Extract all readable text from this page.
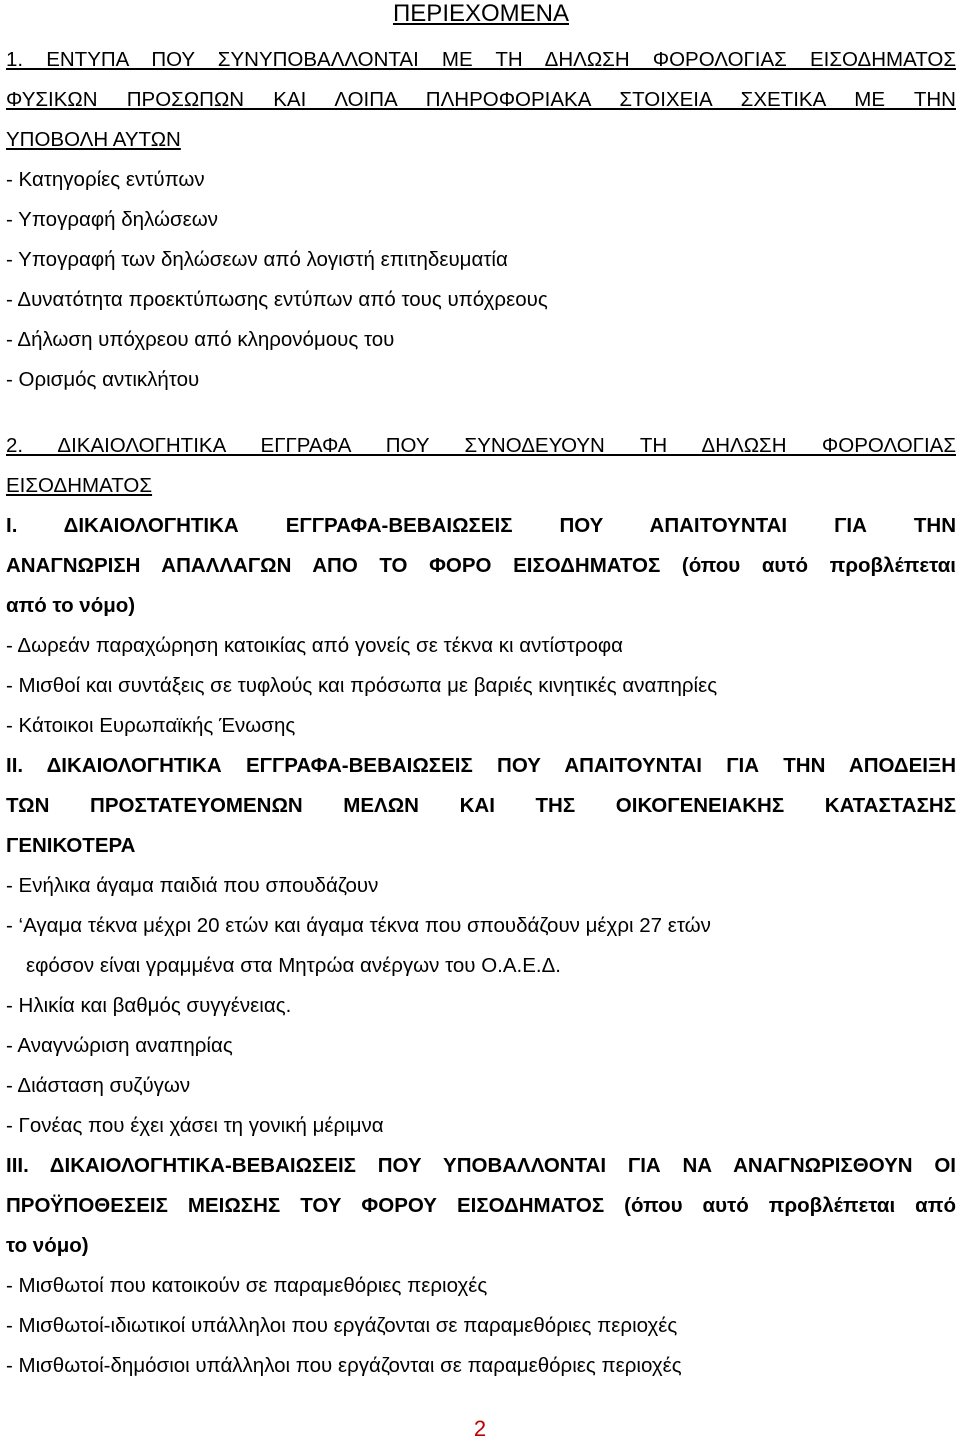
ΠΕΡΙΕΧΟΜΕΝΑ
1. ΕΝΤΥΠΑ ΠΟΥ ΣΥΝΥΠΟΒΑΛΛΟΝΤΑΙ ΜΕ ΤΗ ΔΗΛΩΣΗ ΦΟΡΟΛΟΓΙΑΣ ΕΙΣΟΔΗΜΑΤΟΣ
ΦΥΣΙΚΩΝ ΠΡΟΣΩΠΩΝ ΚΑΙ ΛΟΙΠΑ ΠΛΗΡΟΦΟΡΙΑΚΑ ΣΤΟΙΧΕΙΑ ΣΧΕΤΙΚΑ ΜΕ ΤΗΝ
ΥΠΟΒΟΛΗ ΑΥΤΩΝ
- Κατηγορίες εντύπων
- Υπογραφή δηλώσεων
- Υπογραφή των δηλώσεων από λογιστή επιτηδευματία
- Δυνατότητα προεκτύπωσης εντύπων από τους υπόχρεους
- Δήλωση υπόχρεου από κληρονόμους του
- Ορισμός αντικλήτου
2. ΔΙΚΑΙΟΛΟΓΗΤΙΚΑ ΕΓΓΡΑΦΑ ΠΟΥ ΣΥΝΟΔΕΥΟΥΝ ΤΗ ΔΗΛΩΣΗ ΦΟΡΟΛΟΓΙΑΣ
ΕΙΣΟΔΗΜΑΤΟΣ
Ι. ΔΙΚΑΙΟΛΟΓΗΤΙΚΑ ΕΓΓΡΑΦΑ-ΒΕΒΑΙΩΣΕΙΣ ΠΟΥ ΑΠΑΙΤΟΥΝΤΑΙ ΓΙΑ ΤΗΝ
ΑΝΑΓΝΩΡΙΣΗ ΑΠΑΛΛΑΓΩΝ ΑΠΟ ΤΟ ΦΟΡΟ ΕΙΣΟΔΗΜΑΤΟΣ (όπου αυτό προβλέπεται
από το νόμο)
- Δωρεάν παραχώρηση κατοικίας από γονείς σε τέκνα κι αντίστροφα
- Μισθοί και συντάξεις σε τυφλούς και πρόσωπα με βαριές κινητικές αναπηρίες
- Κάτοικοι Ευρωπαϊκής Ένωσης
ΙΙ. ΔΙΚΑΙΟΛΟΓΗΤΙΚΑ ΕΓΓΡΑΦΑ-ΒΕΒΑΙΩΣΕΙΣ ΠΟΥ ΑΠΑΙΤΟΥΝΤΑΙ ΓΙΑ ΤΗΝ ΑΠΟΔΕΙΞΗ
ΤΩΝ ΠΡΟΣΤΑΤΕΥΟΜΕΝΩΝ ΜΕΛΩΝ ΚΑΙ ΤΗΣ ΟΙΚΟΓΕΝΕΙΑΚΗΣ ΚΑΤΑΣΤΑΣΗΣ
ΓΕΝΙΚΟΤΕΡΑ
- Ενήλικα άγαμα παιδιά που σπουδάζουν
- ‘Αγαμα τέκνα μέχρι 20 ετών και άγαμα τέκνα που σπουδάζουν μέχρι 27 ετών
εφόσον είναι γραμμένα στα Μητρώα ανέργων του Ο.Α.Ε.Δ.
- Ηλικία και βαθμός συγγένειας.
- Αναγνώριση αναπηρίας
- Διάσταση συζύγων
- Γονέας που έχει χάσει τη γονική μέριμνα
ΙΙΙ. ΔΙΚΑΙΟΛΟΓΗΤΙΚΑ-ΒΕΒΑΙΩΣΕΙΣ ΠΟΥ ΥΠΟΒΑΛΛΟΝΤΑΙ ΓΙΑ ΝΑ ΑΝΑΓΝΩΡΙΣΘΟΥΝ ΟΙ
ΠΡΟΫΠΟΘΕΣΕΙΣ ΜΕΙΩΣΗΣ ΤΟΥ ΦΟΡΟΥ ΕΙΣΟΔΗΜΑΤΟΣ (όπου αυτό προβλέπεται από
το νόμο)
- Μισθωτοί που κατοικούν σε παραμεθόριες περιοχές
- Μισθωτοί-ιδιωτικοί υπάλληλοι που εργάζονται σε παραμεθόριες περιοχές
- Μισθωτοί-δημόσιοι υπάλληλοι που εργάζονται σε παραμεθόριες περιοχές
2
